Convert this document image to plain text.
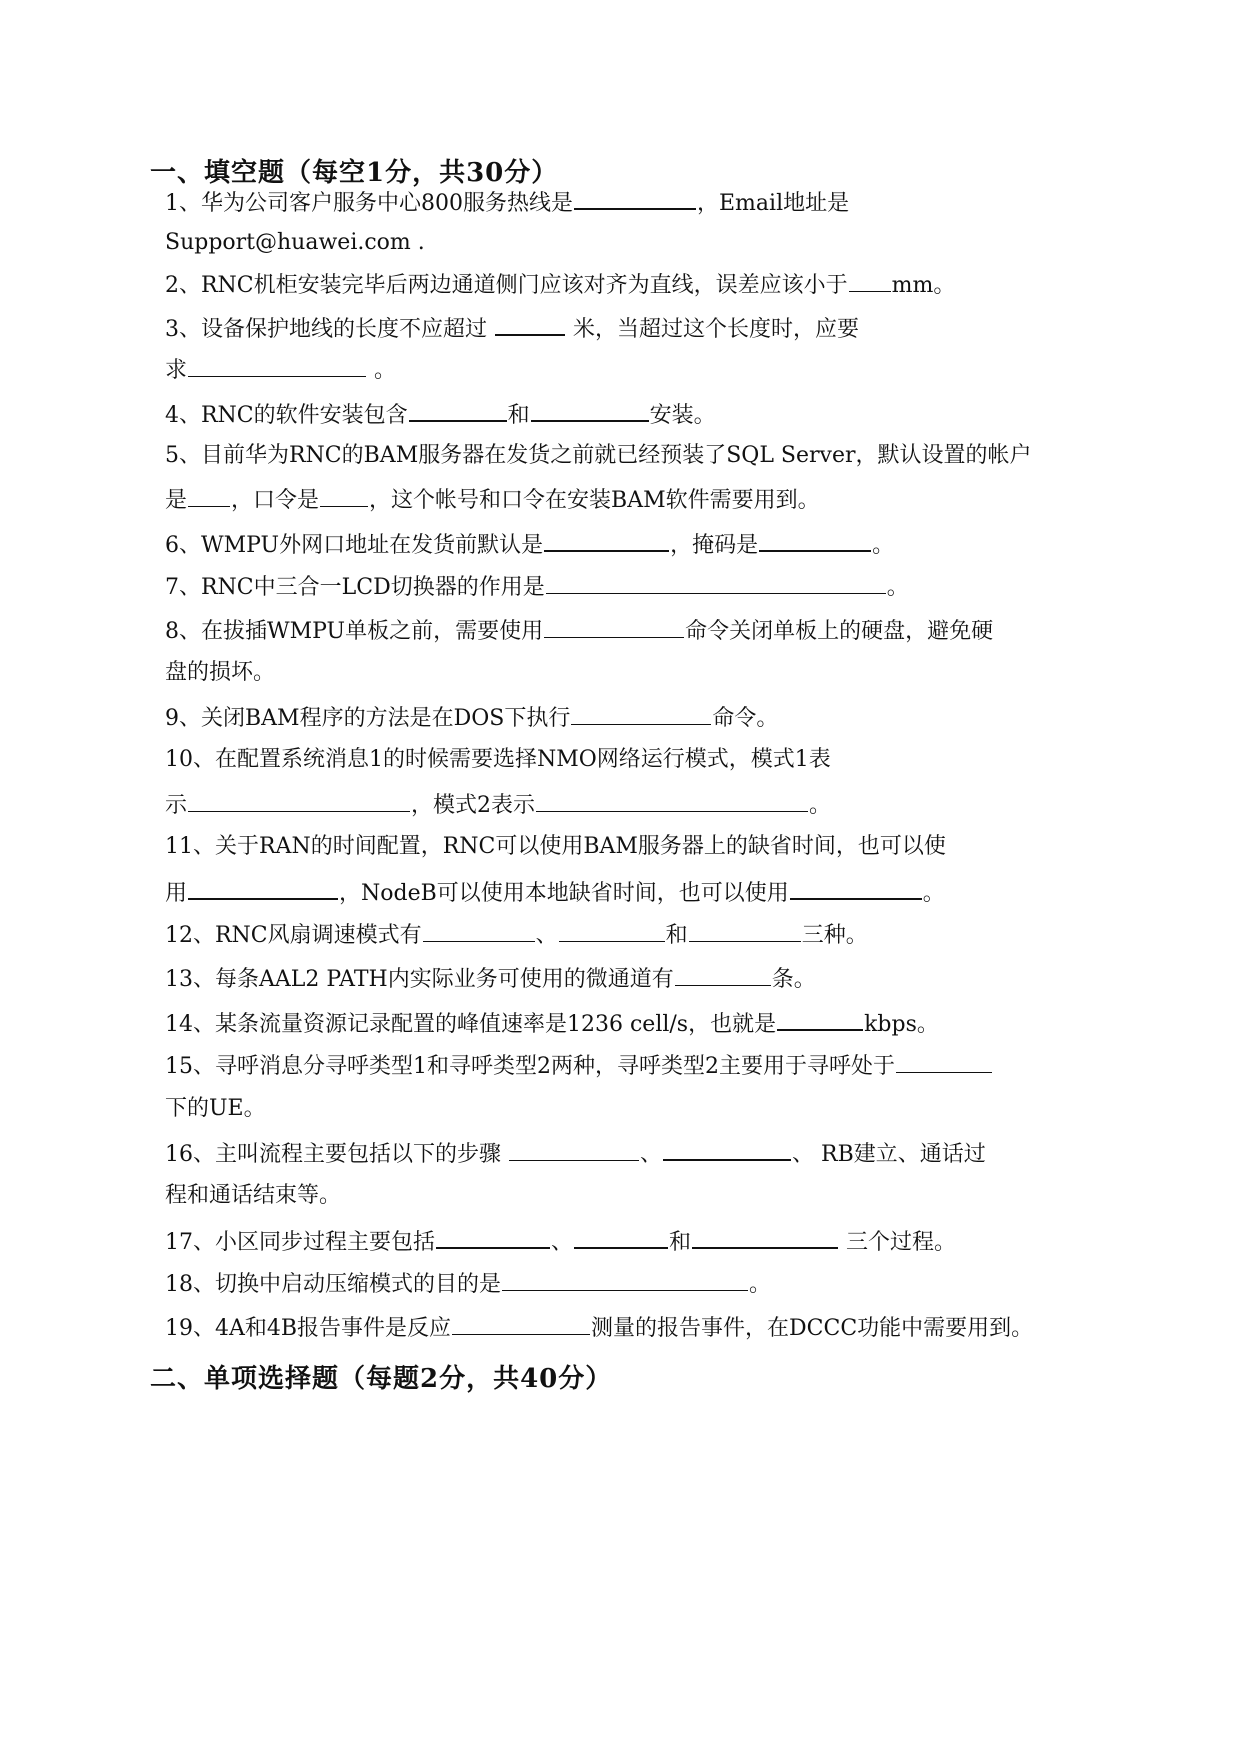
一、填空题（每空1分，共30分）
1、华为公司客户服务中心800服务热线是	，Email地址是
Support@huawei.com .
2、RNC机柜安装完毕后两边通道侧门应该对齐为直线，误差应该小于 mm。
3、设备保护地线的长度不应超过	米，当超过这个长度时，应要
求	。
4、RNC的软件安装包含	和	安装。
5、目前华为RNC的BAM服务器在发货之前就已经预装了SQL Server，默认设置的帐户
是 ，口令是 ，这个帐号和口令在安装BAM软件需要用到。
6、WMPU外网口地址在发货前默认是	，掩码是	。
7、RNC中三合一LCD切换器的作用是	。
8、在拔插WMPU单板之前，需要使用	命令关闭单板上的硬盘，避免硬
盘的损坏。
9、关闭BAM程序的方法是在DOS下执行	命令。
10、在配置系统消息1的时候需要选择NMO网络运行模式，模式1表
示	，模式2表示	。
11、关于RAN的时间配置，RNC可以使用BAM服务器上的缺省时间，也可以使
用	，NodeB可以使用本地缺省时间，也可以使用	。
12、RNC风扇调速模式有	、	和	三种。
13、每条AAL2 PATH内实际业务可使用的微通道有	条。
14、某条流量资源记录配置的峰值速率是1236 cell/s，也就是	kbps。
15、寻呼消息分寻呼类型1和寻呼类型2两种，寻呼类型2主要用于寻呼处于
下的UE。
16、主叫流程主要包括以下的步骤	、	、 RB建立、通话过
程和通话结束等。
17、小区同步过程主要包括	、	和	三个过程。
18、切换中启动压缩模式的目的是	。
19、4A和4B报告事件是反应	测量的报告事件，在DCCC功能中需要用到。
二、单项选择题（每题2分，共40分）
